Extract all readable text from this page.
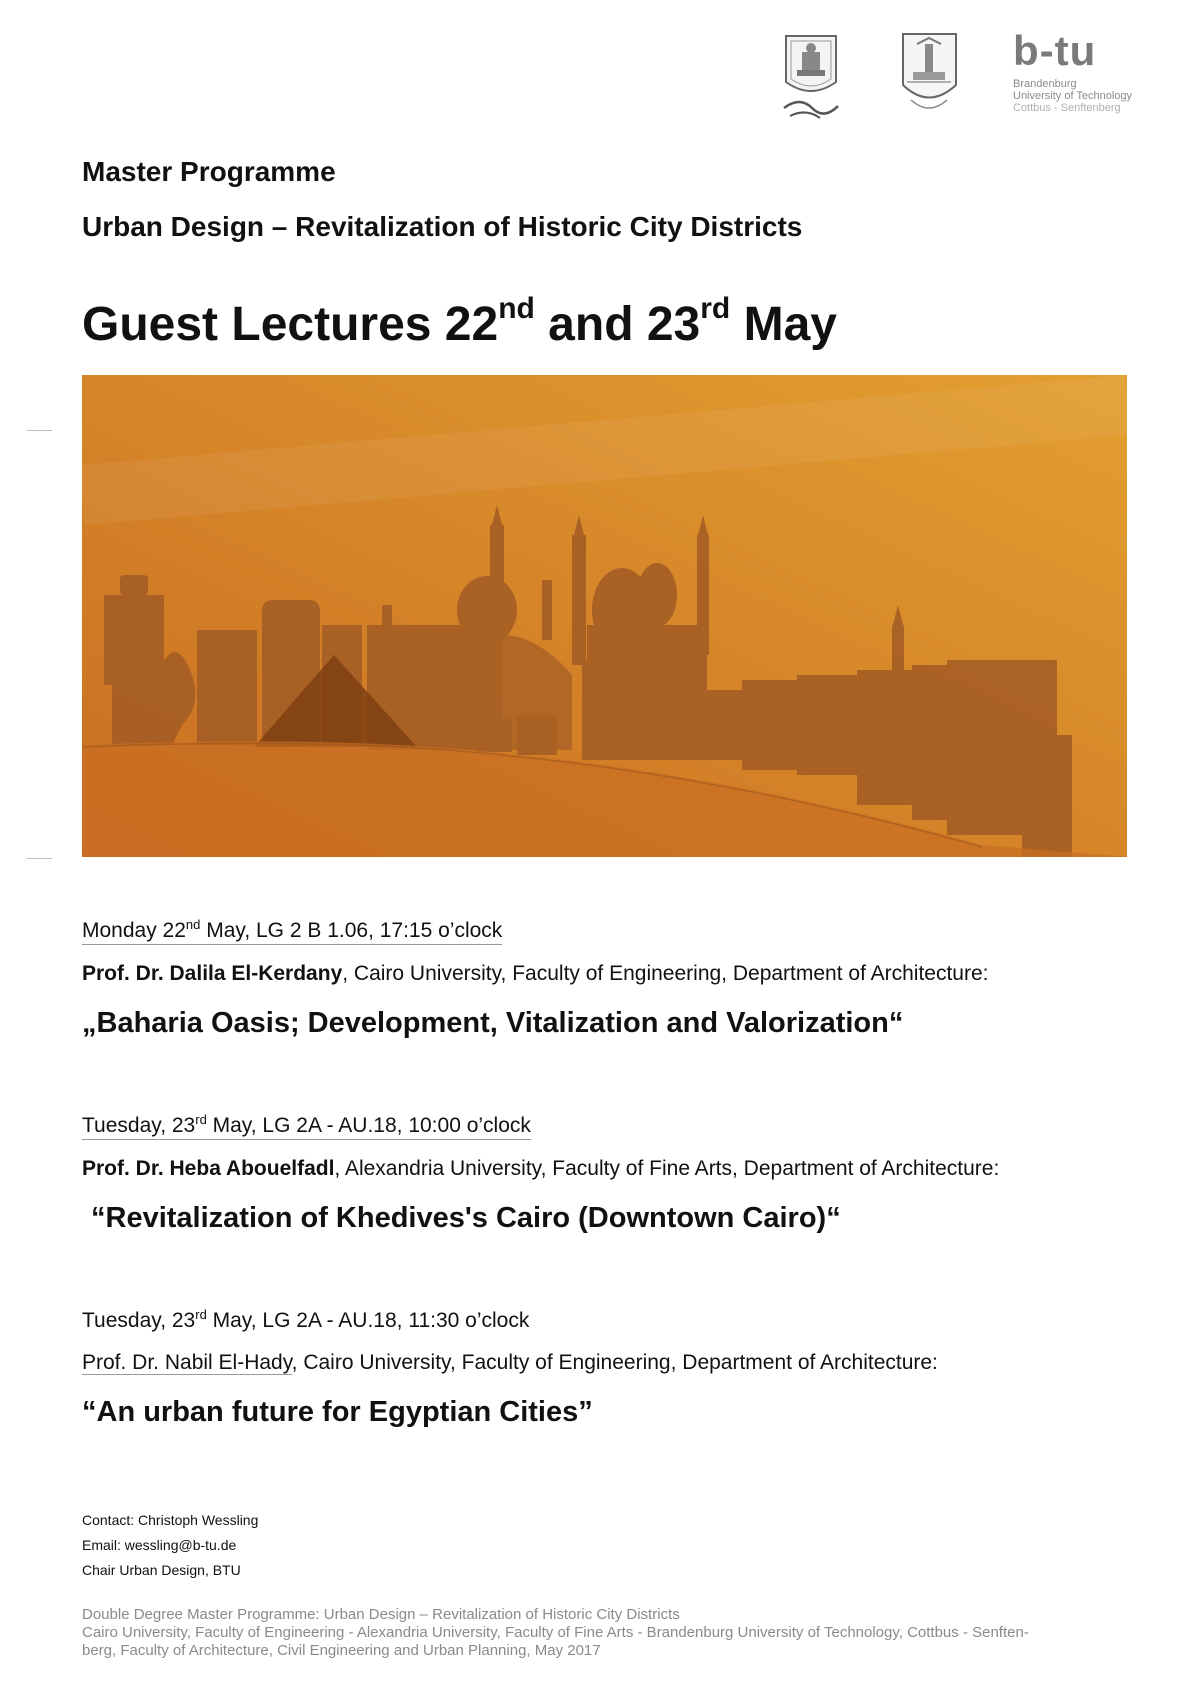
b-tu
Brandenburg
University of Technology
Cottbus - Senftenberg
Master Programme
Urban Design – Revitalization of Historic City Districts
Guest Lectures 22nd and 23rd May
Monday 22nd May, LG 2 B 1.06, 17:15 o’clock
Prof. Dr. Dalila El-Kerdany, Cairo University, Faculty of Engineering, Department of Architecture:
„Baharia Oasis; Development, Vitalization and Valorization“
Tuesday, 23rd May, LG 2A - AU.18, 10:00 o’clock
Prof. Dr. Heba Abouelfadl, Alexandria University, Faculty of Fine Arts, Department of Architecture:
“Revitalization of Khedives's Cairo (Downtown Cairo)“
Tuesday, 23rd May, LG 2A - AU.18, 11:30 o’clock
Prof. Dr. Nabil El-Hady, Cairo University, Faculty of Engineering, Department of Architecture:
“An urban future for Egyptian Cities”
Contact: Christoph Wessling
Email: wessling@b-tu.de
Chair Urban Design, BTU
Double Degree Master Programme: Urban Design – Revitalization of Historic City Districts
Cairo University, Faculty of Engineering - Alexandria University, Faculty of Fine Arts - Brandenburg University of Technology, Cottbus - Senften-
berg, Faculty of Architecture, Civil Engineering and Urban Planning, May 2017
